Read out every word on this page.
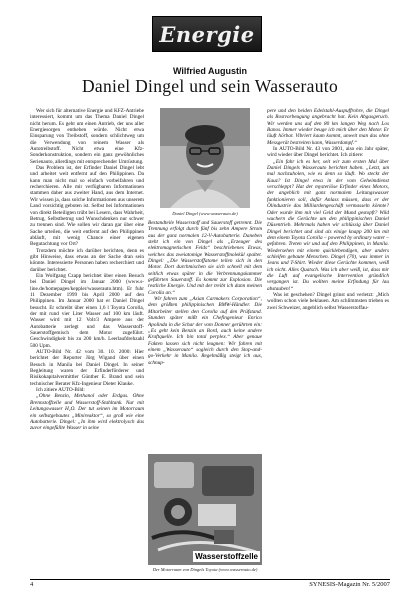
Energie
Wilfried Augustin
Daniel Dingel und sein Wasserauto

Wer sich für alternative Energie und KFZ-Antriebe interessiert, kommt um das Thema Daniel Dingel nicht herum. Es geht um einen Antrieb, der uns aller Energiesorgen entheben würde. Nicht etwa Einsparung von Treibstoff, sondern schlichtweg um die Verwendung von reinem Wasser als Autotreibstoff. Nicht etwa eine Kfz-Sonderkonstruktion, sondern ein ganz gewöhnliches Serienauto, allerdings mit entsprechender Umrüstung.

Das Problem ist, der Erfinder Daniel Dingel lebt und arbeitet weit entfernt auf den Philippinen. Da kann man nicht mal so einfach vorbeifahren und recherchieren. Alle mir verfügbaren Informationen stammen daher aus zweiter Hand, aus dem Internet. Wir wissen ja, dass solche Informationen aus unserem Land vorsichtig geboten ist. Selbst bei Informationen von direkt Beteiligten trübt bei Lesern, dass Wahrheit, Betrug, Selbstbetrug und Wunschdenken nur schwer zu trennen sind. Wie sollen wir daran gar über eine Sache urteilen, die weit entfernt auf den Philippinen abläuft, mit wenig Chance einer eigenen Begutachtung vor Ort?

Trotzdem möchte ich darüber berichten, denn es gibt Hinweise, dass etwas an der Sache dran sein könnte. Interessierte Personen haben recherchiert und darüber berichtet.

Ein Wolfgang Czapp berichtet über einen Besuch bei Daniel Dingel im Januar 2000 (www.s-line.de/homepages/keppler/wasserauto.htm). Er fuhr 11 Dezember 1999 bis April 2000 auf den Philippinen. Im Januar 2000 hat er Daniel Dingel besucht. Er schreibt über einen 1,6 l Toyota Corolla, der mit rund vier Liter Wasser auf 100 km läuft. Wasser wird mit 12 Volt/3 Ampere aus der Autobatterie zerlegt und das Wasserstoff-Sauerstoffgemisch dem Motor zugeführt. Geschwindigkeit bis zu 200 km/h. Leerlaufdrehzahl 500 Upm.

AUTO-Bild Nr. 42 vom 30. 10. 2000: Hier berichtet der Reporter Jörg Wigand über einen Besuch in Manila bei Daniel Dingel. In seiner Begleitung waren der Erfinderförderer und Risikokapitalvermittler Günther E. Brand und sein technischer Berater Kfz-Ingenieur Dieter Klauke.

Ich zitiere AUTO-Bild:

„Ohne Benzin, Methanol oder Erdgas. Ohne Brennstoffzelle und Wasserstoff-Stahltank. Nur mit Leitungswasser H₂O. Der tut seinen im Motorraum ein selbstgebautes „Minireaktor“, so groß wie eine Autobatterie. Dingel: „In ihm wird elektrolysch das zuvor eingefüllte Wasser in seine

Daniel Dingel (www.wasserauto.de)

Bestandteile Wasserstoff und Sauerstoff getrennt. Die Trennung erfolgt durch fünf bis zehn Ampere Strom aus der ganz normalen 12-V-Autobatterie. Daneben steht ich ein von Dingel als „Erzeuger des elektromagnetischen Felds“ beschriebenes Etwas, welches das zweiatomige Wasserstoffmolekül spaltet. Dingel: „Die Wasserstoffatome teilen sich in den Motor. Dort durchmischen sie sich schnell mit dem seitlich etwas später in die Verbrennungskammer geführten Sauerstoff. Es kommt zur Explosion. Die restliche Energie. Und mit der treibt ich dann meinen Corolla an.“

Wir fahren zum „Asian Carmakers Corporation“, dem größten philippinischen BMW-Händler. Die Mitarbeiter stellen den Corolla auf den Prüfstand. Stunden später mißt ein Chefingenieur Enrico Apolinda in die Schar der vom Donner gerührten ein: „Es geht kein Benzin an Bord, auch keine andere Kraftquelle. Ich bin total perplex.“ Aber genaue Fakten lassen sich nicht leugnen: Wir fahren mit einem „Wasserauto“ sogleich durch den Stop-and-go-Verkehr in Manila. Regelmäßig steigt ich aus, schnup-

Wasserstoffzelle
Der Motorraum von Dingels Toyota (www.wasserauto.de)

pere und den beiden Edelstahl-Auspuffrohre, die Dingel als Rostvorbeugung angebracht hat. Kein Abgasgeruch. Wir werden uns auf den 80 km langen Weg nach Los Banos. Immer wieder beuge ich mich über den Motor. Er läuft hörbar. Vibriert kaum kommt, unweit man das ohne Messgerät bestreiten kann, Wasserdampf.“

In AUTO-Bild Nr. 43 von 2001, also ein Jahr später, wird wieder über Dingel berichtet. Ich zitiere:

„Ein fahr ich es her, seit wir zum ersten Mal über Daniel Dingels Wasserauto berichtet haben. „Letzt, um mal nachzuholen, wie es denn so läuft. Wo steckt der Kauz? Ist Dingel etwa in der vom Geheimdienst verschleppt? Hat der mysteriöse Erfinder eines Motors, der angeblich mit ganz normalem Leitungswasser funktionieren soll, dafür Anlass müssen, dass er der Ölindustrie das Milliardengeschäft vermasseln könnte? Oder wurde ihm mit viel Geld der Mund gestopft? Wild wuchern die Gerüchte um den philippinischen Daniel Düsentrieb. Mehrmals haben wir schlüssig über Daniel Dingel berichtet und sind als einige knapp 200 km mit dem einem Toyota Corolla – powered by ordinary water – gefahren. Treten wir und auf den Philippinen, in Manila. Wiedersehen mit einem quicklebendigen, aber anders schleifen gebaute Menschen. Dingel (70), was immer in Jeans und T-Shirt. Wieder diese Gerüchte kommen, weiß ich nicht. Alles Quatsch. Was ich aber weiß, ist, dass mir die Luft auf evangelische Intervention gründlich vergangen ist. Du wollten meine Erfindung für lau abstauben!“

Was ist geschehen? Dingel grinst und verletzt: „Mich wollten schon viele beklauen. Am schlimmsten trieben es zwei Schweizer, angeblich selbst Wasserstoffau-

4	SYNESIS-Magazin Nr. 5/2007
